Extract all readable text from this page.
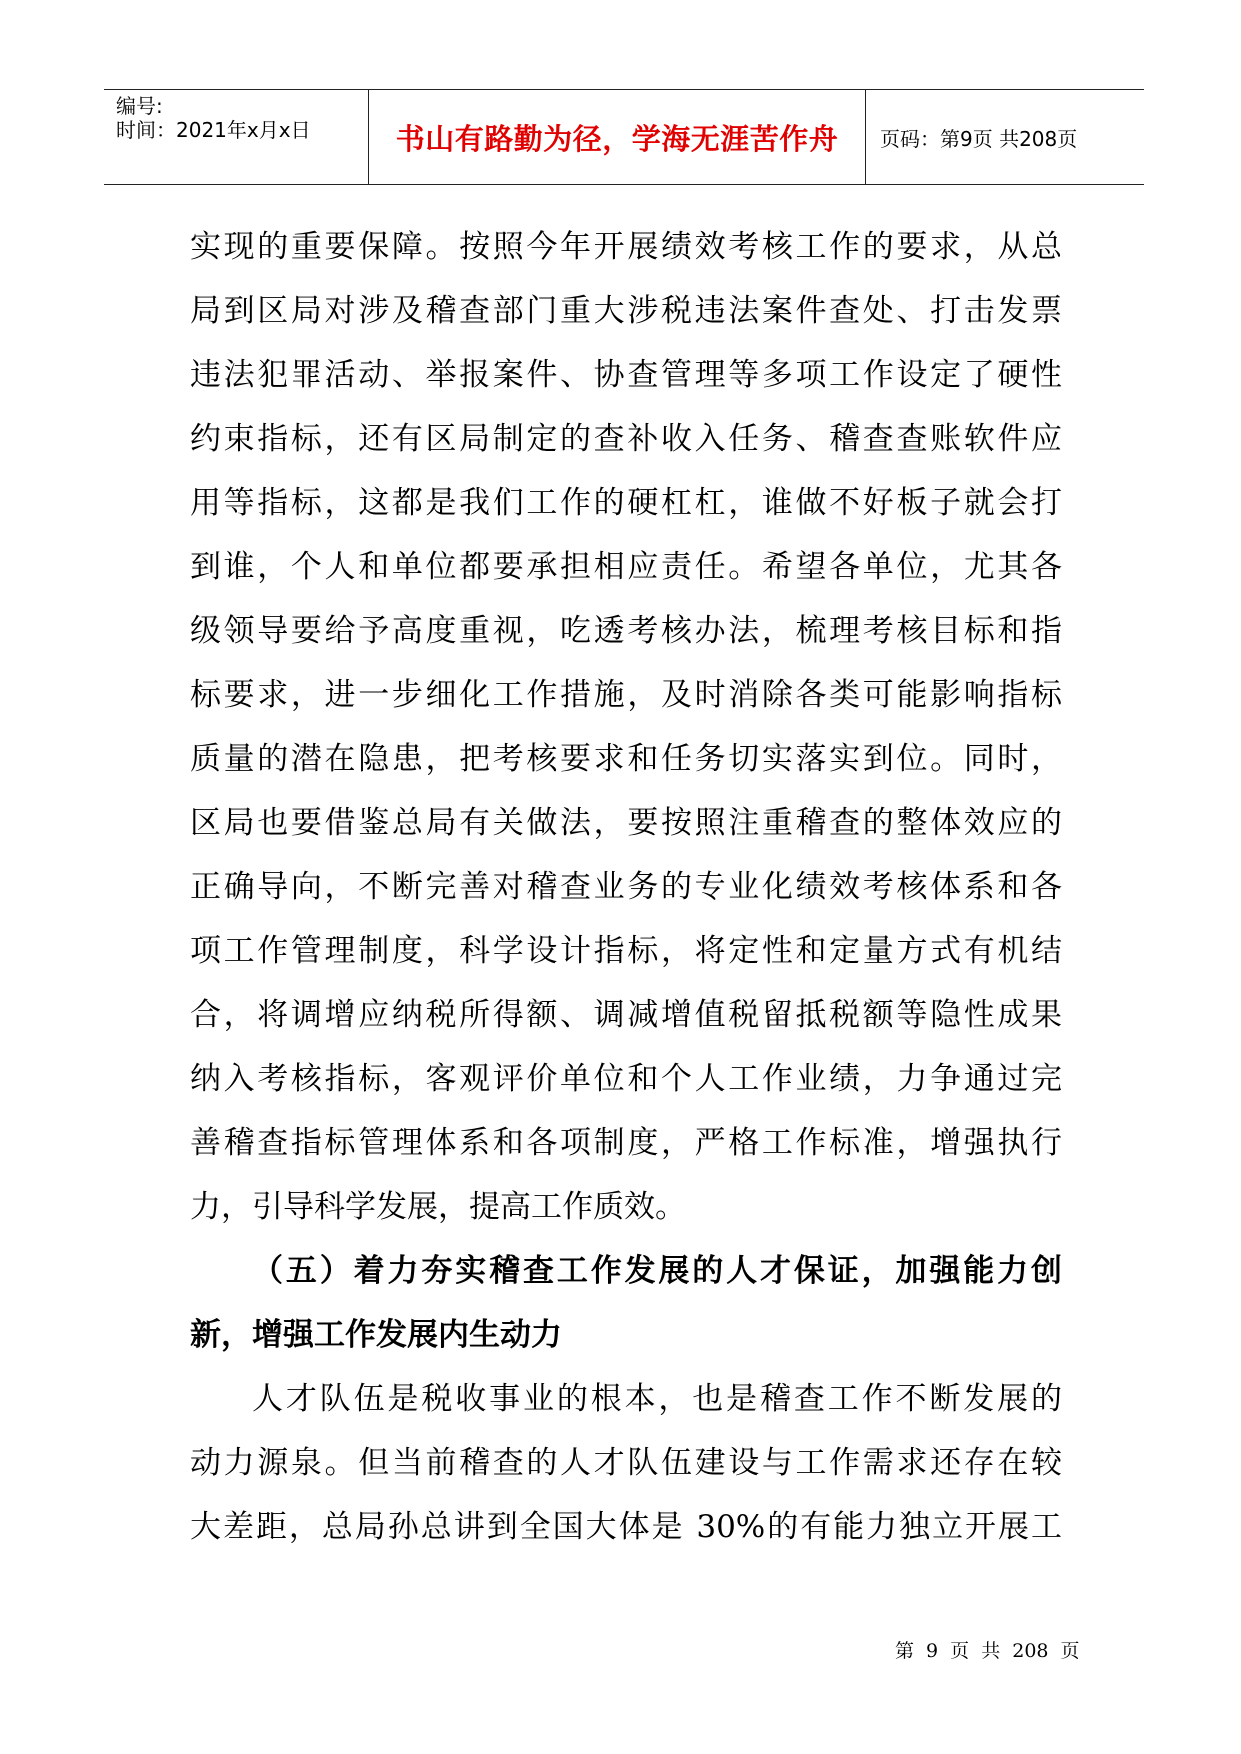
编号:
时间：2021年x月x日	书山有路勤为径，学海无涯苦作舟	页码：第9页 共208页
实现的重要保障。按照今年开展绩效考核工作的要求，从总
局到区局对涉及稽查部门重大涉税违法案件查处、打击发票
违法犯罪活动、举报案件、协查管理等多项工作设定了硬性
约束指标，还有区局制定的查补收入任务、稽查查账软件应
用等指标，这都是我们工作的硬杠杠，谁做不好板子就会打
到谁，个人和单位都要承担相应责任。希望各单位，尤其各
级领导要给予高度重视，吃透考核办法，梳理考核目标和指
标要求，进一步细化工作措施，及时消除各类可能影响指标
质量的潜在隐患，把考核要求和任务切实落实到位。同时，
区局也要借鉴总局有关做法，要按照注重稽查的整体效应的
正确导向，不断完善对稽查业务的专业化绩效考核体系和各
项工作管理制度，科学设计指标，将定性和定量方式有机结
合，将调增应纳税所得额、调减增值税留抵税额等隐性成果
纳入考核指标，客观评价单位和个人工作业绩，力争通过完
善稽查指标管理体系和各项制度，严格工作标准，增强执行
力，引导科学发展，提高工作质效。
（五）着力夯实稽查工作发展的人才保证，加强能力创
新，增强工作发展内生动力
人才队伍是税收事业的根本，也是稽查工作不断发展的
动力源泉。但当前稽查的人才队伍建设与工作需求还存在较
大差距，总局孙总讲到全国大体是 30%的有能力独立开展工
第 9 页 共 208 页
